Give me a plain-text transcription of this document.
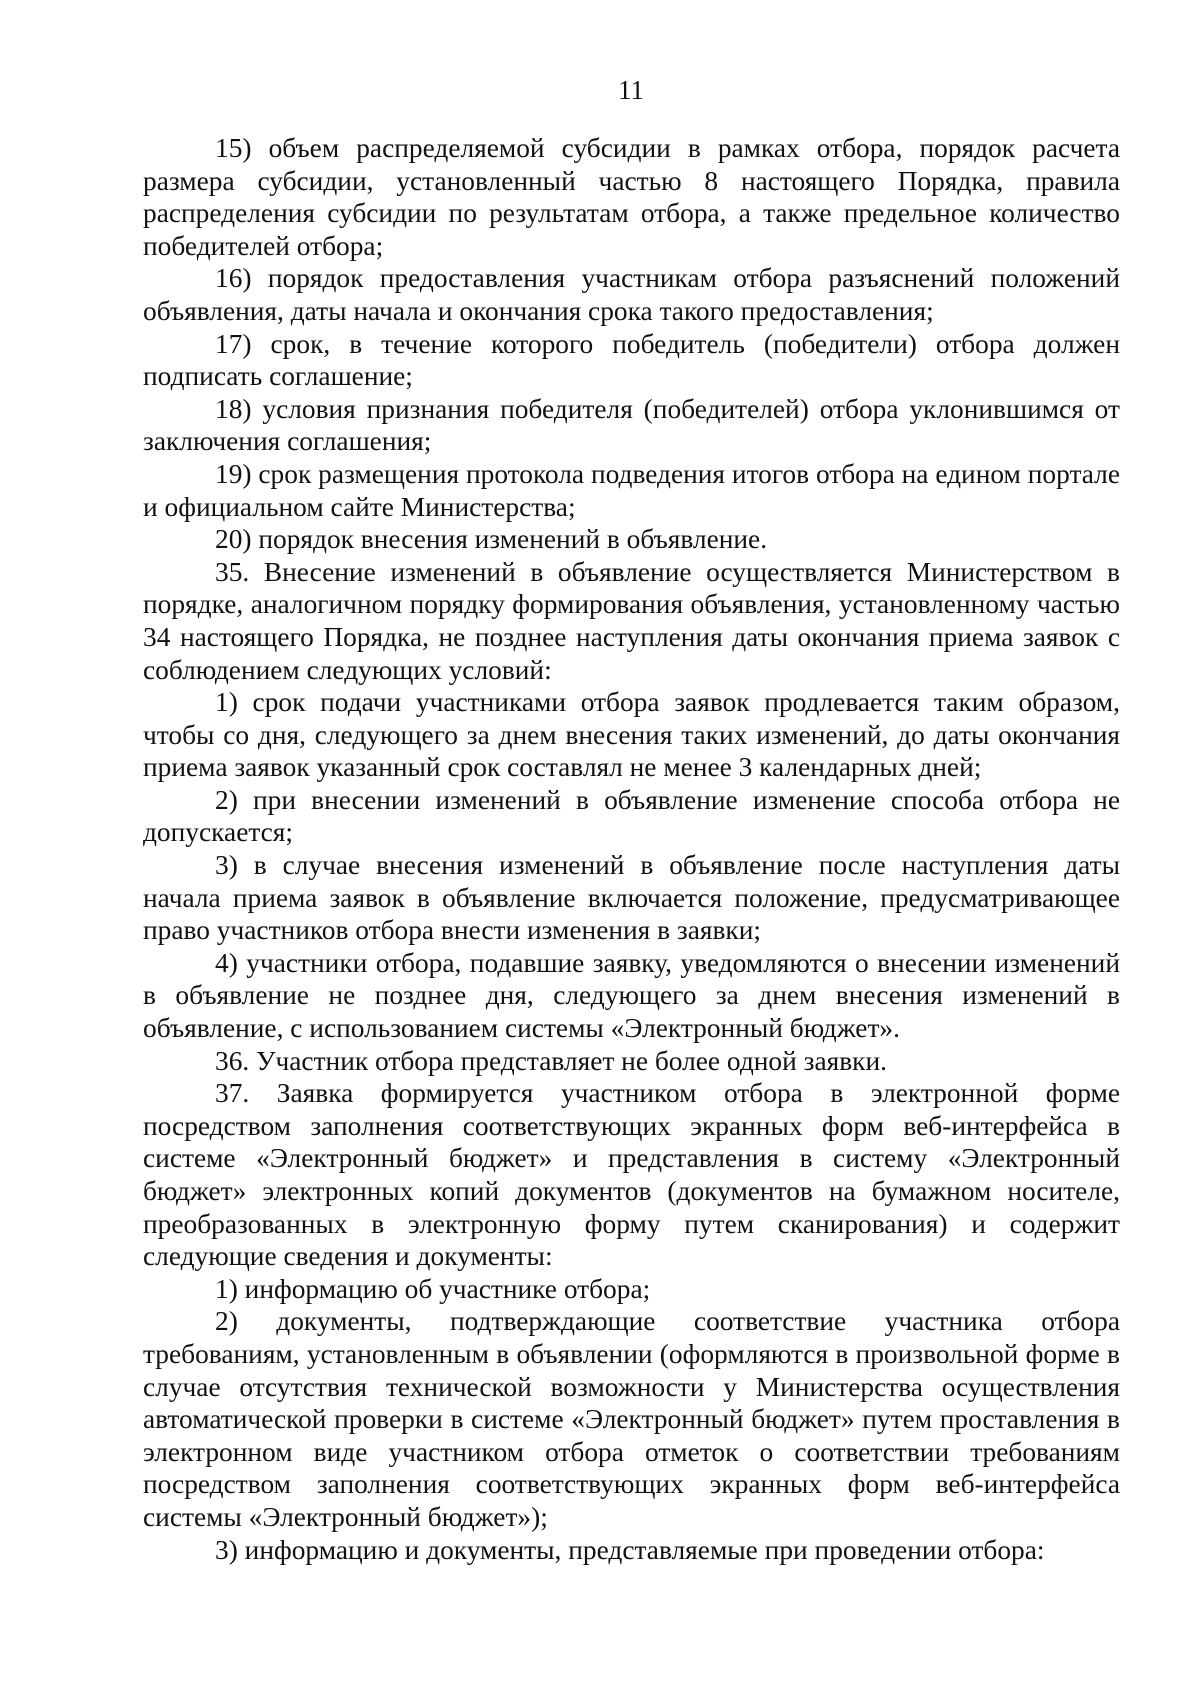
11

15) объем распределяемой субсидии в рамках отбора, порядок расчета размера субсидии, установленный частью 8 настоящего Порядка, правила распределения субсидии по результатам отбора, а также предельное количество победителей отбора;

16) порядок предоставления участникам отбора разъяснений положений объявления, даты начала и окончания срока такого предоставления;

17) срок, в течение которого победитель (победители) отбора должен подписать соглашение;

18) условия признания победителя (победителей) отбора уклонившимся от заключения соглашения;

19) срок размещения протокола подведения итогов отбора на едином портале и официальном сайте Министерства;

20) порядок внесения изменений в объявление.

35. Внесение изменений в объявление осуществляется Министерством в порядке, аналогичном порядку формирования объявления, установленному частью 34 настоящего Порядка, не позднее наступления даты окончания приема заявок с соблюдением следующих условий:

1) срок подачи участниками отбора заявок продлевается таким образом, чтобы со дня, следующего за днем внесения таких изменений, до даты окончания приема заявок указанный срок составлял не менее 3 календарных дней;

2) при внесении изменений в объявление изменение способа отбора не допускается;

3) в случае внесения изменений в объявление после наступления даты начала приема заявок в объявление включается положение, предусматривающее право участников отбора внести изменения в заявки;

4) участники отбора, подавшие заявку, уведомляются о внесении изменений в объявление не позднее дня, следующего за днем внесения изменений в объявление, с использованием системы «Электронный бюджет».

36. Участник отбора представляет не более одной заявки.

37. Заявка формируется участником отбора в электронной форме посредством заполнения соответствующих экранных форм веб-интерфейса в системе «Электронный бюджет» и представления в систему «Электронный бюджет» электронных копий документов (документов на бумажном носителе, преобразованных в электронную форму путем сканирования) и содержит следующие сведения и документы:

1) информацию об участнике отбора;

2) документы, подтверждающие соответствие участника отбора требованиям, установленным в объявлении (оформляются в произвольной форме в случае отсутствия технической возможности у Министерства осуществления автоматической проверки в системе «Электронный бюджет» путем проставления в электронном виде участником отбора отметок о соответствии требованиям посредством заполнения соответствующих экранных форм веб-интерфейса системы «Электронный бюджет»);

3) информацию и документы, представляемые при проведении отбора:
